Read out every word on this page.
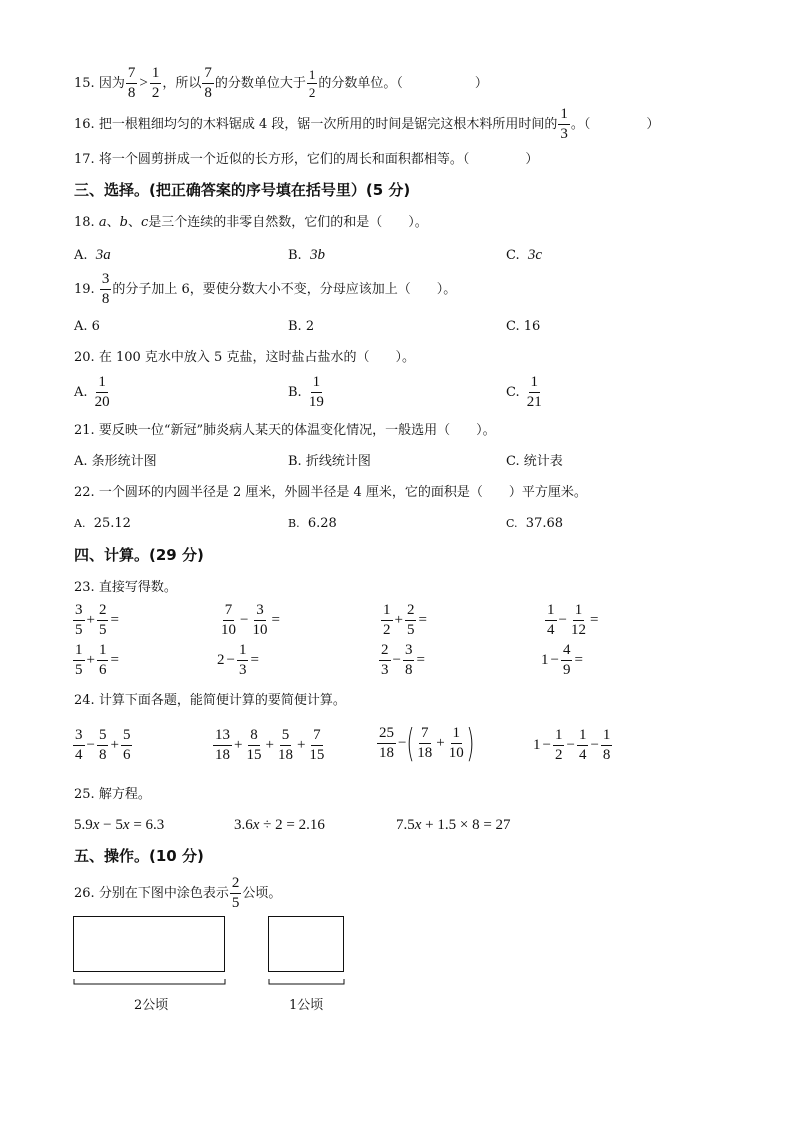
15. 因为 $\frac{7}{8} > \frac{1}{2}$ ，所以 $\frac{7}{8}$ 的分数单位大于 $\frac{1}{2}$ 的分数单位。（	）
16. 把一根粗细均匀的木料锯成 4 段，锯一次所用的时间是锯完这根木料所用时间的 $\frac{1}{3}$ 。（	）
17. 将一个圆剪拼成一个近似的长方形，它们的周长和面积都相等。（	）
三、选择。(把正确答案的序号填在括号里）(5 分)
18. a、b、c是三个连续的非零自然数，它们的和是（　　）。
A. 3a	B. 3b	C. 3c
19. $\frac{3}{8}$ 的分子加上 6，要使分数大小不变，分母应该加上（　　）。
A. 6	B. 2	C. 16
20. 在 100 克水中放入 5 克盐，这时盐占盐水的（　　）。
A. $\frac{1}{20}$	B. $\frac{1}{19}$	C. $\frac{1}{21}$
21. 要反映一位“新冠”肺炎病人某天的体温变化情况，一般选用（　　）。
A. 条形统计图	B. 折线统计图	C. 统计表
22. 一个圆环的内圆半径是 2 厘米，外圆半径是 4 厘米，它的面积是（　　）平方厘米。
A. 25.12	B. 6.28	C. 37.68
四、计算。(29 分)
23. 直接写得数。
$\frac{3}{5} + \frac{2}{5}$ =	$\frac{7}{10} - \frac{3}{10}$ =	$\frac{1}{2} + \frac{2}{5}$ =	$\frac{1}{4} - \frac{1}{12}$ =
$\frac{1}{5} + \frac{1}{6}$ =	$2 - \frac{1}{3}$ =	$\frac{2}{3} - \frac{3}{8}$ =	$1 - \frac{4}{9}$ =
24. 计算下面各题，能简便计算的要简便计算。
$\frac{3}{4} - \frac{5}{8} + \frac{5}{6}$	$\frac{13}{18} + \frac{8}{15} + \frac{5}{18} + \frac{7}{15}$	$\frac{25}{18}$ −( $\frac{7}{18} + \frac{1}{10}$ )	$1 - \frac{1}{2} - \frac{1}{4} - \frac{1}{8}$
25. 解方程。
5.9x − 5x = 6.3	3.6x ÷ 2 = 2.16	7.5x + 1.5 × 8 = 27
五、操作。(10 分)
26. 分别在下图中涂色表示 $\frac{2}{5}$ 公顷。
2公顷	1公顷
